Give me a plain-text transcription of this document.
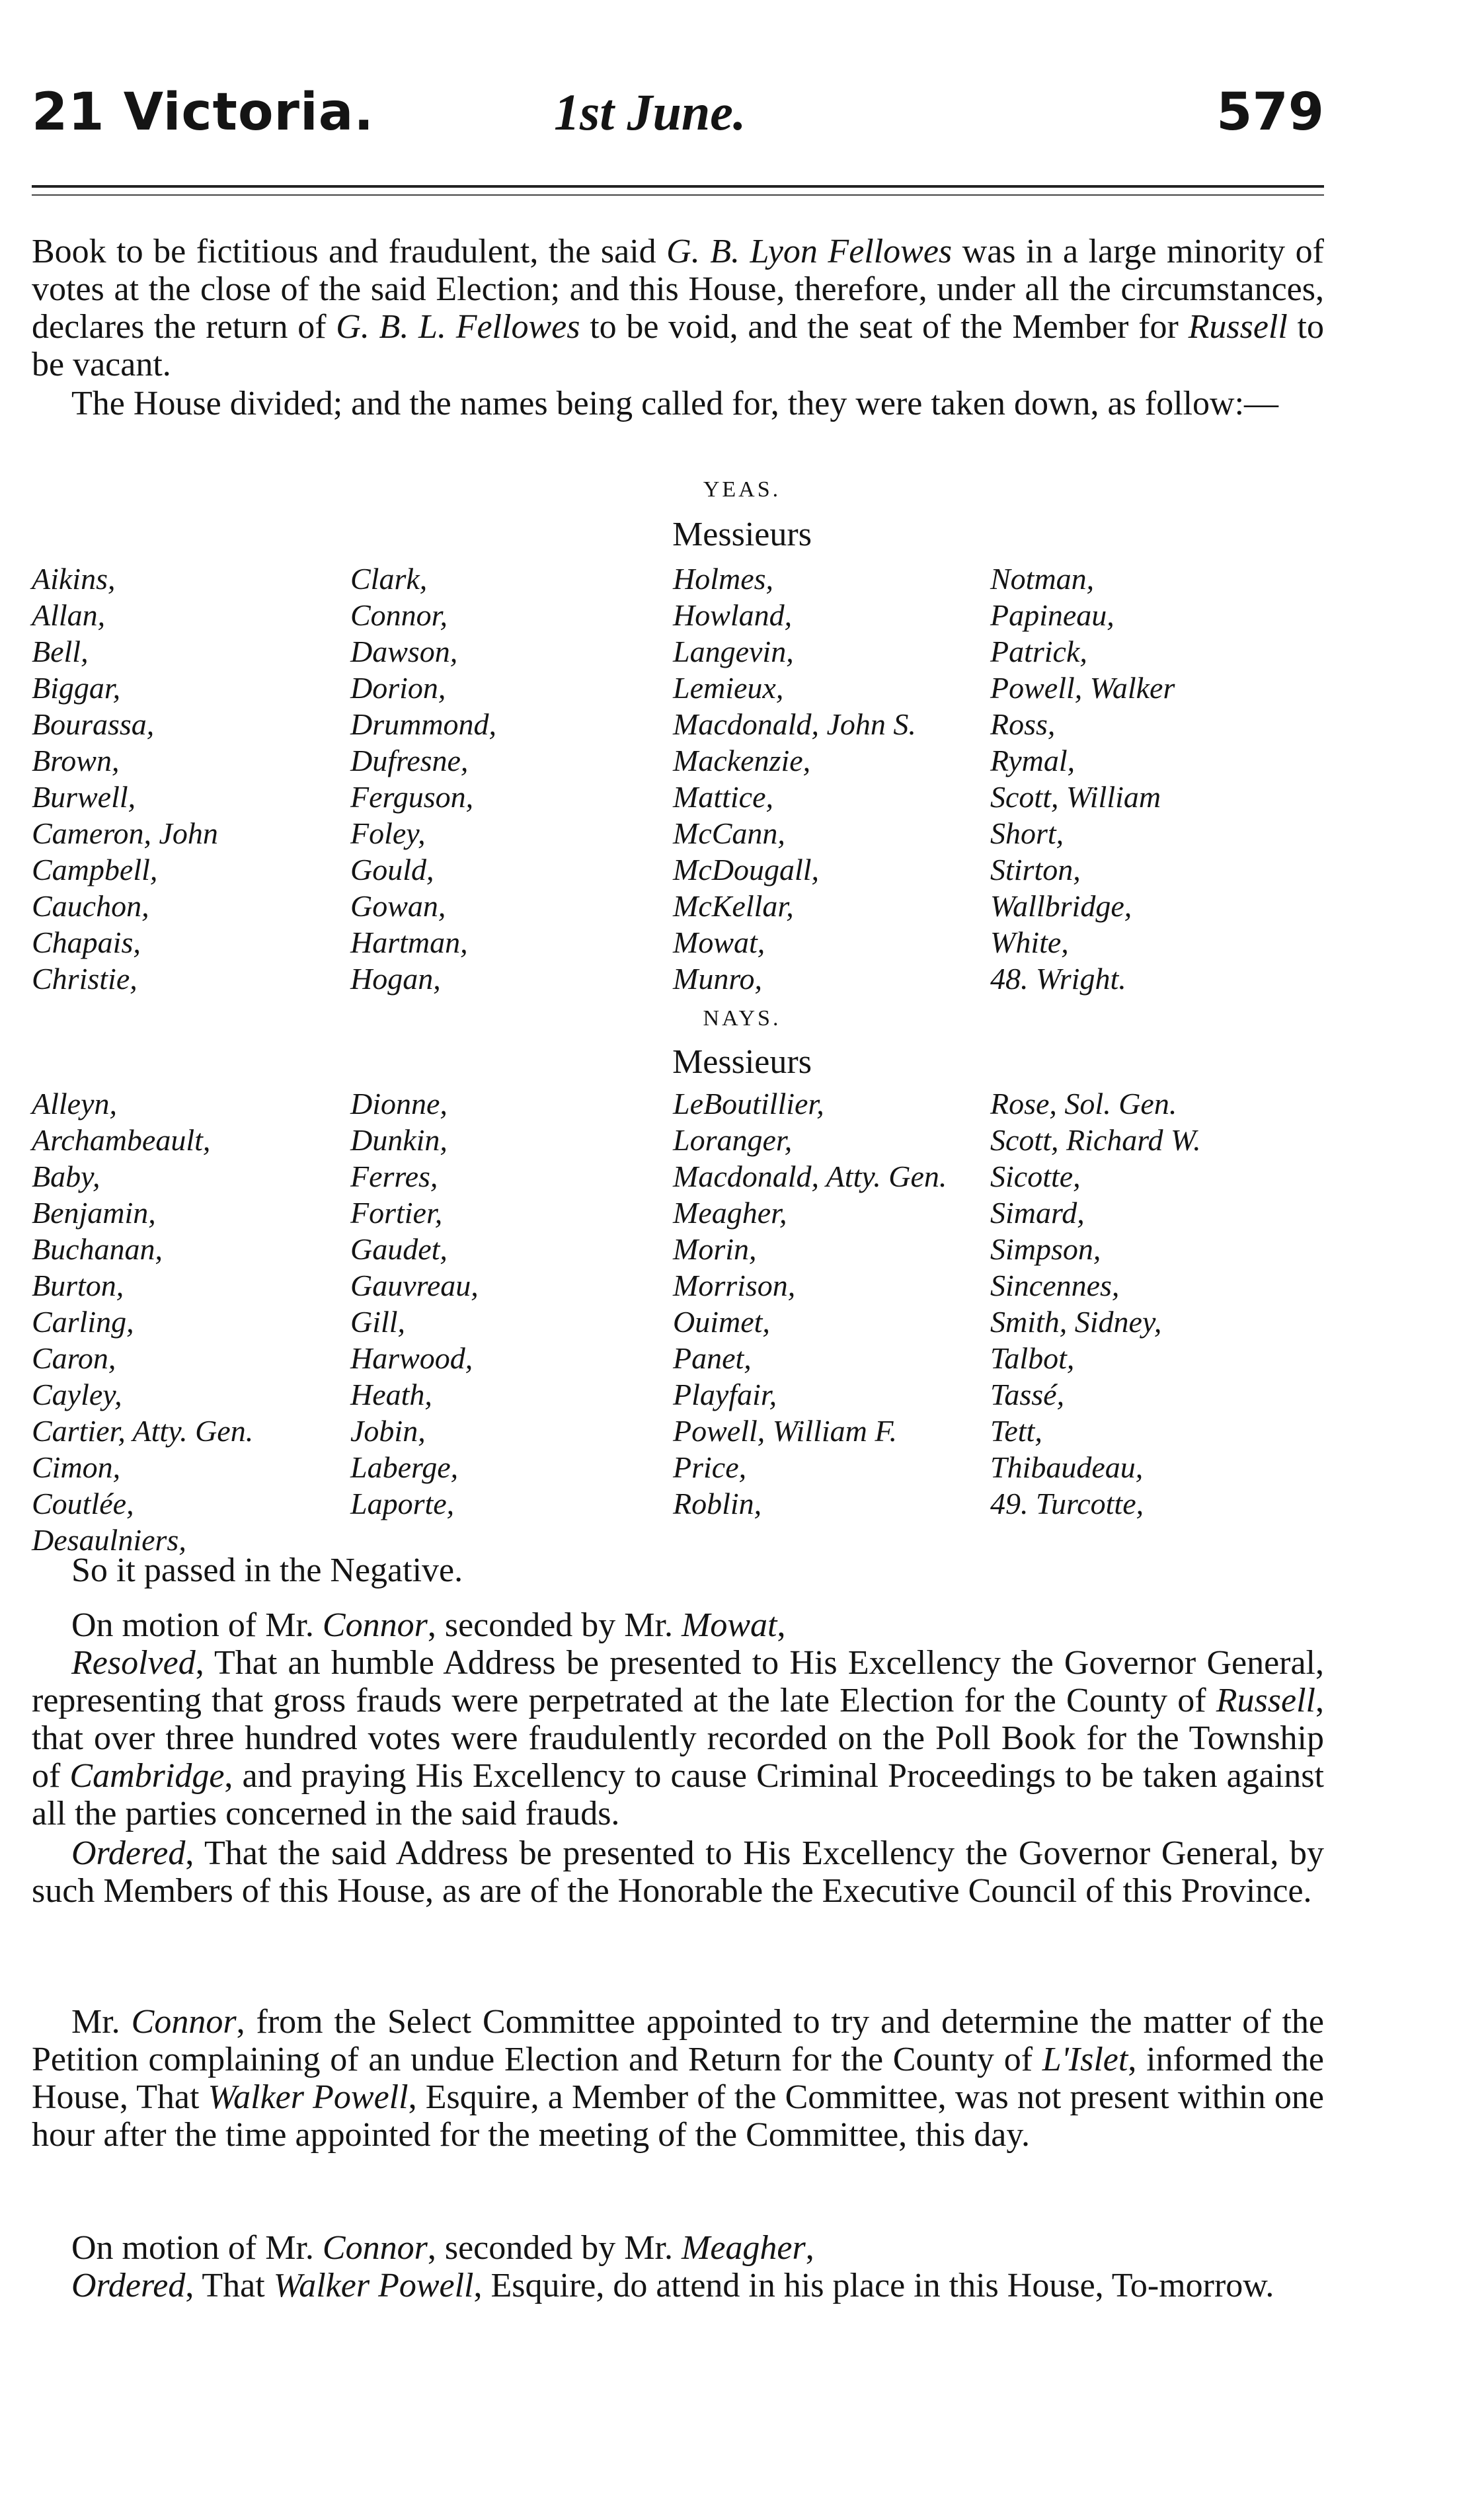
21 Victoria.	1st June.	579

Book to be fictitious and fraudulent, the said G. B. Lyon Fellowes was in a large minority of votes at the close of the said Election; and this House, therefore, under all the circumstances, declares the return of G. B. L. Fellowes to be void, and the seat of the Member for Russell to be vacant.

The House divided; and the names being called for, they were taken down, as follow:—

YEAS.
Messieurs
Aikins,
Allan,
Bell,
Biggar,
Bourassa,
Brown,
Burwell,
Cameron, John
Campbell,
Cauchon,
Chapais,
Christie,
Clark,
Connor,
Dawson,
Dorion,
Drummond,
Dufresne,
Ferguson,
Foley,
Gould,
Gowan,
Hartman,
Hogan,
Holmes,
Howland,
Langevin,
Lemieux,
Macdonald, John S.
Mackenzie,
Mattice,
McCann,
McDougall,
McKellar,
Mowat,
Munro,
Notman,
Papineau,
Patrick,
Powell, Walker
Ross,
Rymal,
Scott, William
Short,
Stirton,
Wallbridge,
White,
48. Wright.
NAYS.
Messieurs
Alleyn,
Archambeault,
Baby,
Benjamin,
Buchanan,
Burton,
Carling,
Caron,
Cayley,
Cartier, Atty. Gen.
Cimon,
Coutlée,
Desaulniers,
Dionne,
Dunkin,
Ferres,
Fortier,
Gaudet,
Gauvreau,
Gill,
Harwood,
Heath,
Jobin,
Laberge,
Laporte,
LeBoutillier,
Loranger,
Macdonald, Atty. Gen.
Meagher,
Morin,
Morrison,
Ouimet,
Panet,
Playfair,
Powell, William F.
Price,
Roblin,
Rose, Sol. Gen.
Scott, Richard W.
Sicotte,
Simard,
Simpson,
Sincennes,
Smith, Sidney,
Talbot,
Tassé,
Tett,
Thibaudeau,
49. Turcotte,

So it passed in the Negative.

On motion of Mr. Connor, seconded by Mr. Mowat,

Resolved, That an humble Address be presented to His Excellency the Governor General, representing that gross frauds were perpetrated at the late Election for the County of Russell, that over three hundred votes were fraudulently recorded on the Poll Book for the Township of Cambridge, and praying His Excellency to cause Criminal Proceedings to be taken against all the parties concerned in the said frauds.

Ordered, That the said Address be presented to His Excellency the Governor General, by such Members of this House, as are of the Honorable the Executive Council of this Province.

Mr. Connor, from the Select Committee appointed to try and determine the matter of the Petition complaining of an undue Election and Return for the County of L'Islet, informed the House, That Walker Powell, Esquire, a Member of the Committee, was not present within one hour after the time appointed for the meeting of the Committee, this day.

On motion of Mr. Connor, seconded by Mr. Meagher,

Ordered, That Walker Powell, Esquire, do attend in his place in this House, To-morrow.
